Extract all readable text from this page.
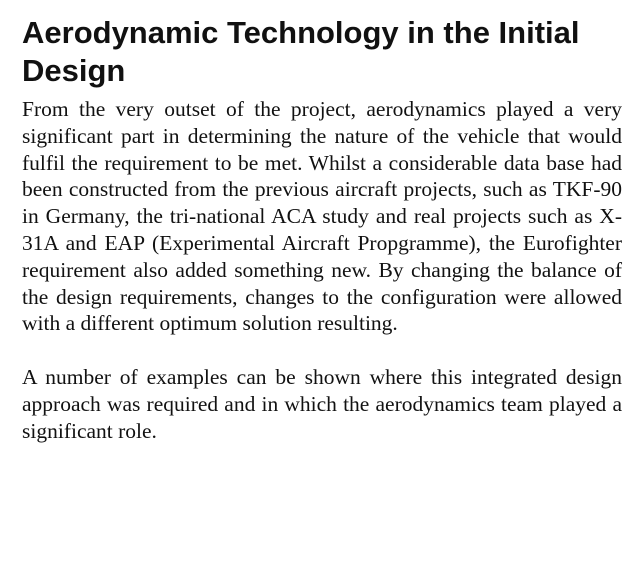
Aerodynamic Technology in the Initial Design

From the very outset of the project, aerodynamics played a very significant part in determining the nature of the vehicle that would fulfil the requirement to be met. Whilst a considerable data base had been constructed from the previous aircraft projects, such as TKF-90 in Germany, the tri-national ACA study and real projects such as X-31A and EAP (Experimental Aircraft Propgramme), the Eurofighter requirement also added something new. By changing the balance of the design requirements, changes to the configuration were allowed with a different optimum solution resulting.

A number of examples can be shown where this integrated design approach was required and in which the aerodynamics team played a significant role.
